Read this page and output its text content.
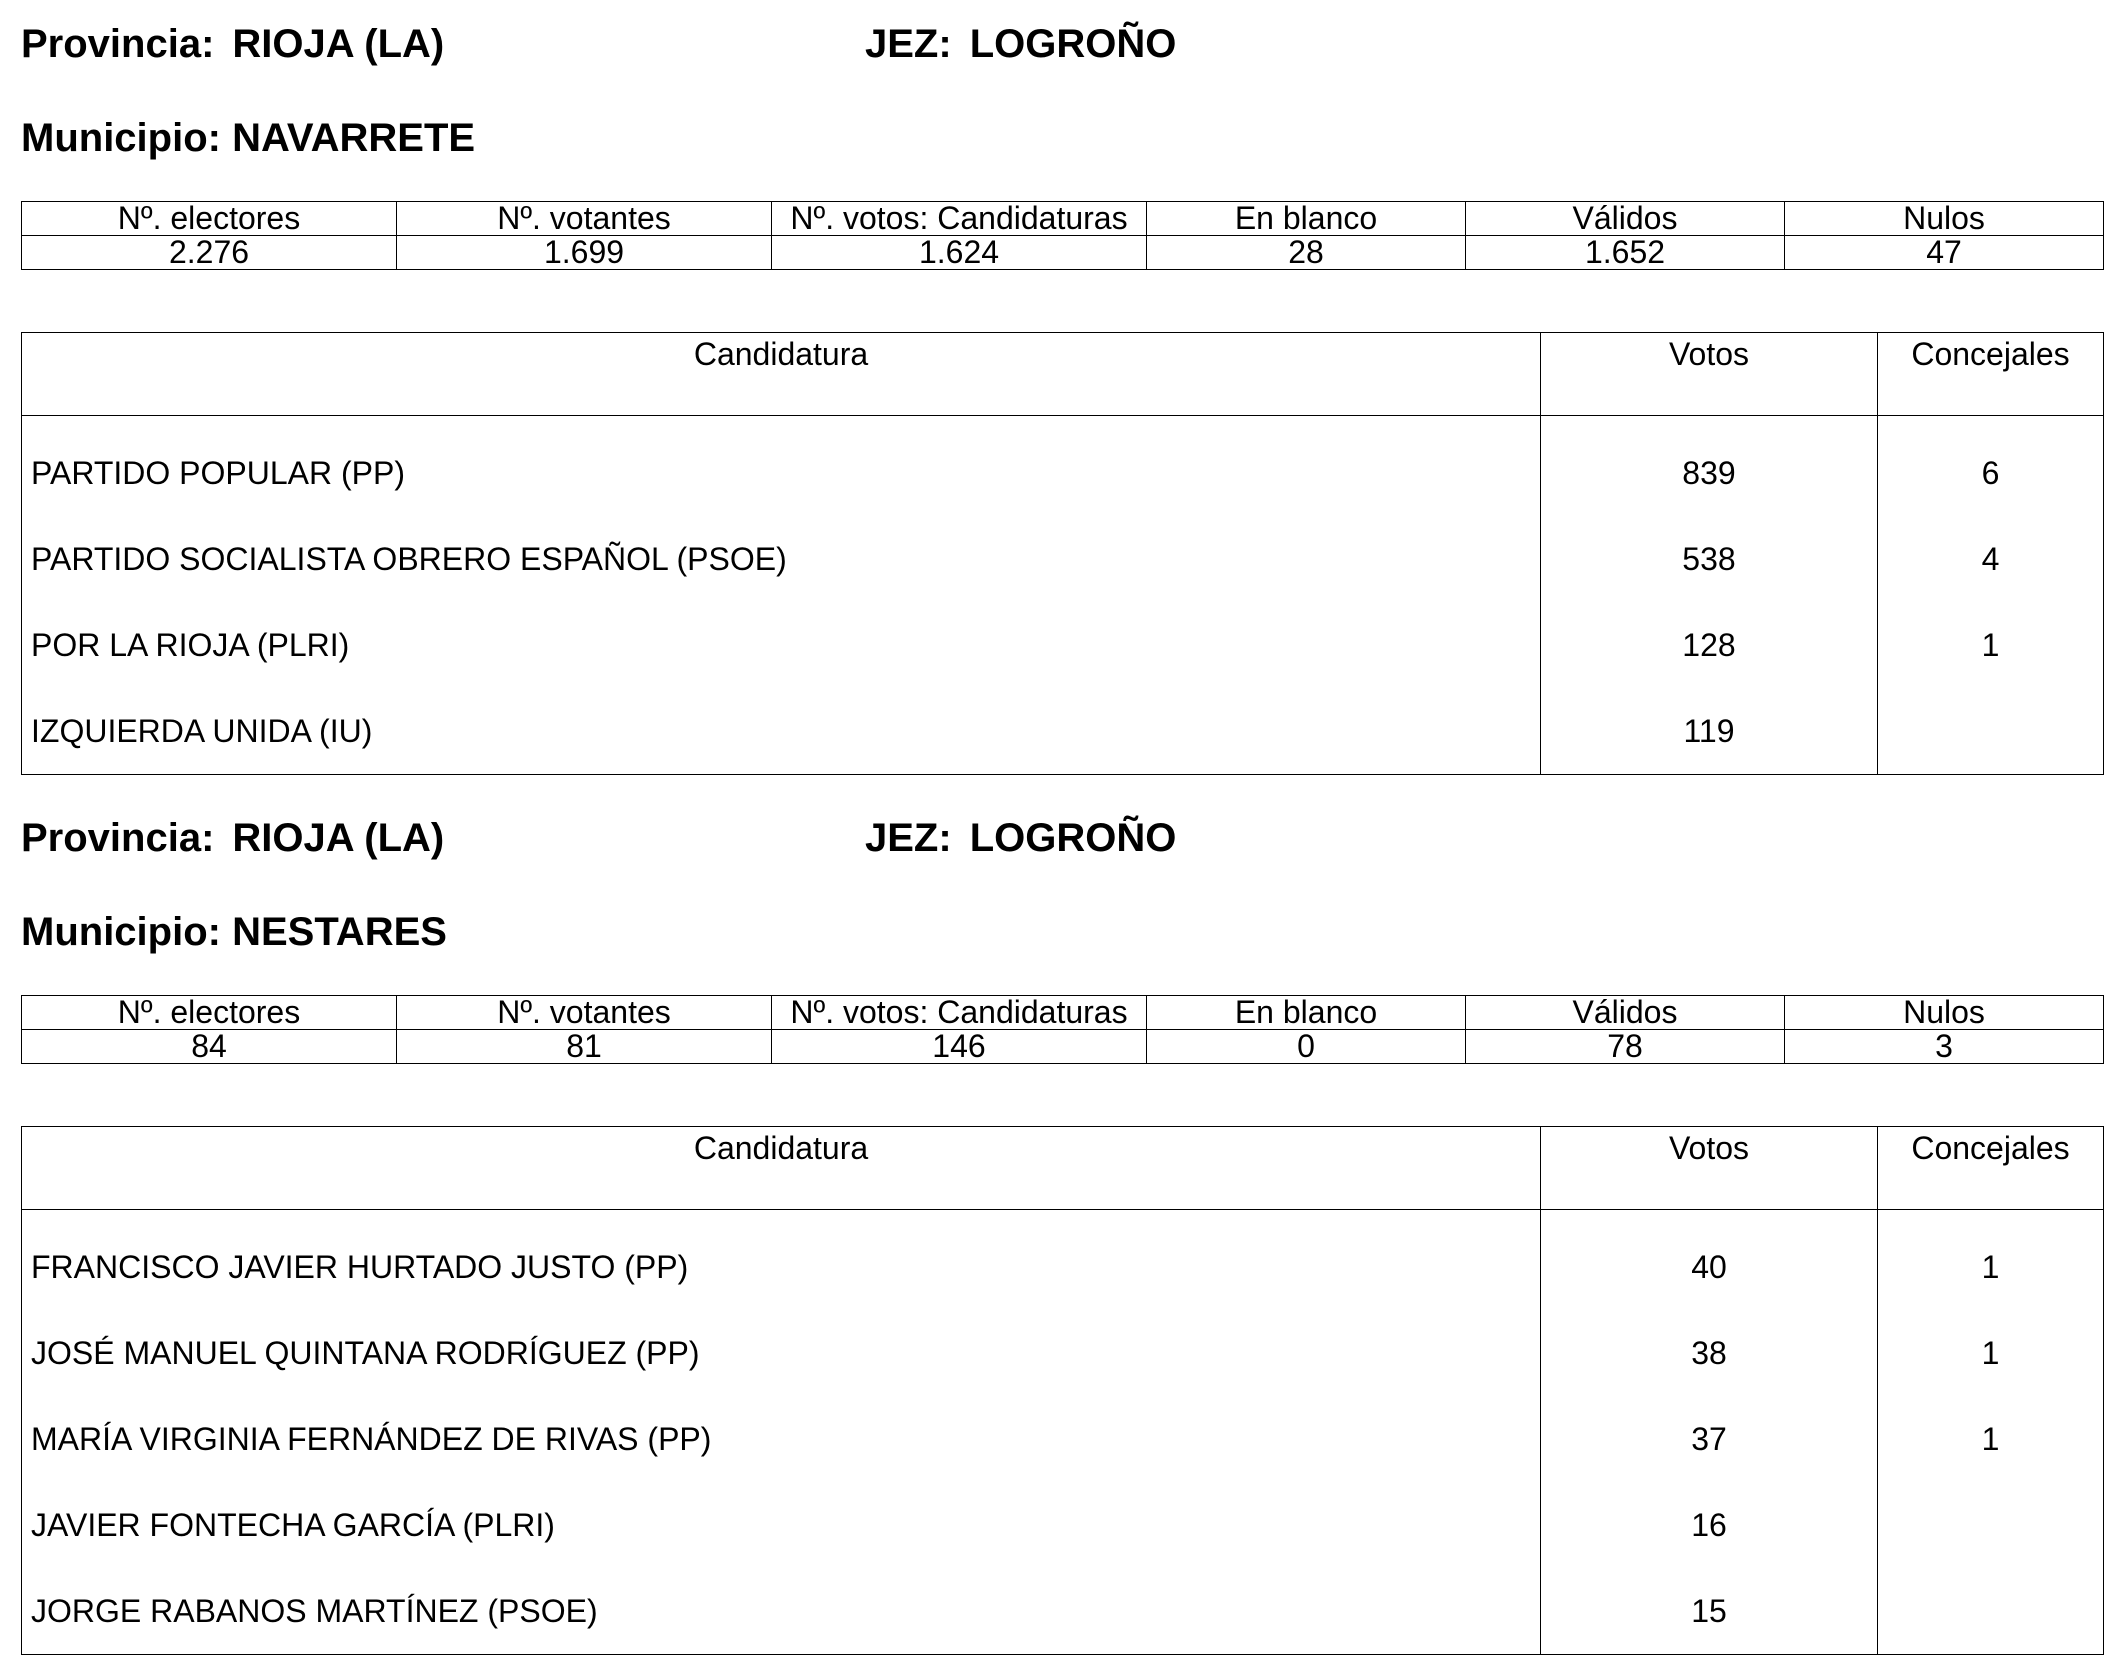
Provincia: RIOJA (LA)	JEZ: LOGROÑO
Municipio: NAVARRETE
Nº. electores	Nº. votantes	Nº. votos: Candidaturas	En blanco	Válidos	Nulos
2.276	1.699	1.624	28	1.652	47
Candidatura	Votos	Concejales
PARTIDO POPULAR (PP)	839	6
PARTIDO SOCIALISTA OBRERO ESPAÑOL (PSOE)	538	4
POR LA RIOJA (PLRI)	128	1
IZQUIERDA UNIDA (IU)	119	
Provincia: RIOJA (LA)	JEZ: LOGROÑO
Municipio: NESTARES
Nº. electores	Nº. votantes	Nº. votos: Candidaturas	En blanco	Válidos	Nulos
84	81	146	0	78	3
Candidatura	Votos	Concejales
FRANCISCO JAVIER HURTADO JUSTO (PP)	40	1
JOSÉ MANUEL QUINTANA RODRÍGUEZ (PP)	38	1
MARÍA VIRGINIA FERNÁNDEZ DE RIVAS (PP)	37	1
JAVIER FONTECHA GARCÍA (PLRI)	16	
JORGE RABANOS MARTÍNEZ (PSOE)	15	
